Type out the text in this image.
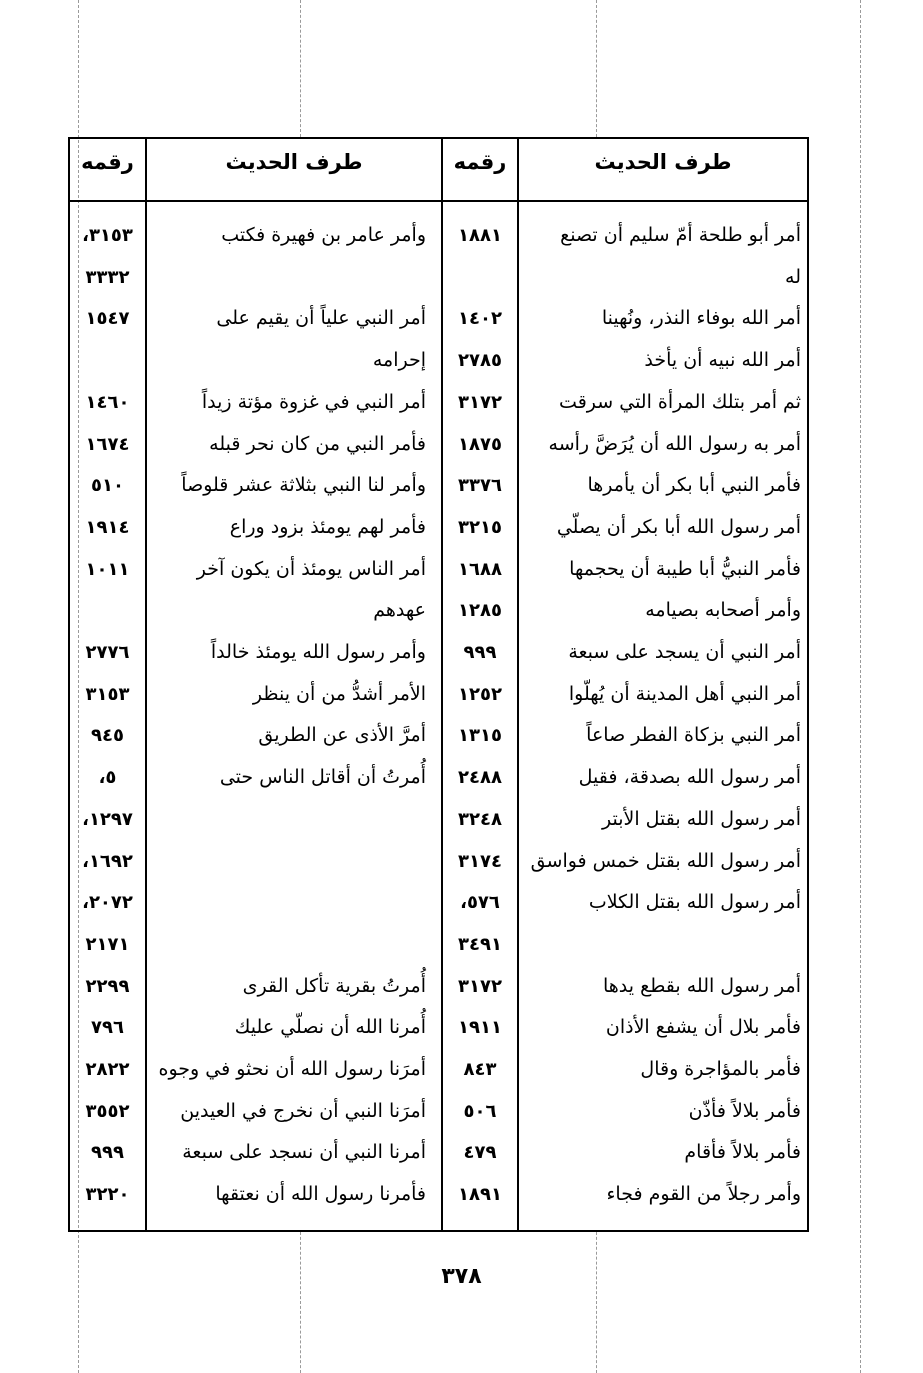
طرف الحديث
رقمه
طرف الحديث
رقمه
أمر أبو طلحة أمّ سليم أن تصنع
١٨٨١
له
أمر الله بوفاء النذر، ونُهينا
١٤٠٢
أمر الله نبيه أن يأخذ
٢٧٨٥
ثم أمر بتلك المرأة التي سرقت
٣١٧٢
أمر به رسول الله أن يُرَضَّ رأسه
١٨٧٥
فأمر النبي أبا بكر أن يأمرها
٣٣٧٦
أمر رسول الله أبا بكر أن يصلّي
٣٢١٥
فأمر النبيُّ أبا طيبة أن يحجمها
١٦٨٨
وأمر أصحابه بصيامه
١٢٨٥
أمر النبي أن يسجد على سبعة
٩٩٩
أمر النبي أهل المدينة أن يُهلّوا
١٢٥٢
أمر النبي بزكاة الفطر صاعاً
١٣١٥
أمر رسول الله بصدقة، فقيل
٢٤٨٨
أمر رسول الله بقتل الأبتر
٣٢٤٨
أمر رسول الله بقتل خمس فواسق
٣١٧٤
أمر رسول الله بقتل الكلاب
٥٧٦،
٣٤٩١
أمر رسول الله بقطع يدها
٣١٧٢
فأمر بلال أن يشفع الأذان
١٩١١
فأمر بالمؤاجرة وقال
٨٤٣
فأمر بلالاً فأذّن
٥٠٦
فأمر بلالاً فأقام
٤٧٩
وأمر رجلاً من القوم فجاء
١٨٩١
وأمر عامر بن فهيرة فكتب
٣١٥٣،
٣٣٣٢
أمر النبي علياً أن يقيم على
١٥٤٧
إحرامه
أمر النبي في غزوة مؤتة زيداً
١٤٦٠
فأمر النبي من كان نحر قبله
١٦٧٤
وأمر لنا النبي بثلاثة عشر قلوصاً
٥١٠
فأمر لهم يومئذ بزود وراع
١٩١٤
أمر الناس يومئذ أن يكون آخر
١٠١١
عهدهم
وأمر رسول الله يومئذ خالداً
٢٧٧٦
الأمر أشدُّ من أن ينظر
٣١٥٣
أمرَّ الأذى عن الطريق
٩٤٥
أُمرتُ أن أقاتل الناس حتى
٥،
١٢٩٧،
١٦٩٢،
٢٠٧٢،
٢١٧١
أُمرتُ بقرية تأكل القرى
٢٢٩٩
أُمرنا الله أن نصلّي عليك
٧٩٦
أمرَنا رسول الله أن نحثو في وجوه
٢٨٢٢
أمرَنا النبي أن نخرج في العيدين
٣٥٥٢
أمرنا النبي أن نسجد على سبعة
٩٩٩
فأمرنا رسول الله أن نعتقها
٣٢٢٠
٣٧٨
